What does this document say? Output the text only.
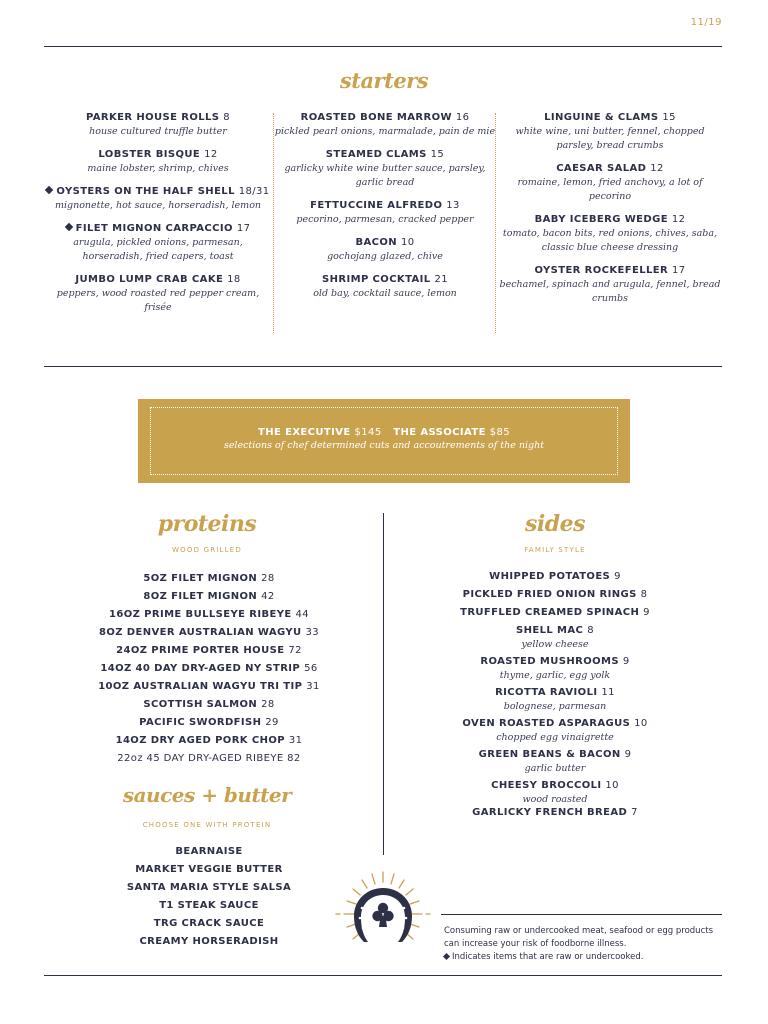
11/19
starters
PARKER HOUSE ROLLS 8
house cultured truffle butter
LOBSTER BISQUE 12
maine lobster, shrimp, chives
OYSTERS ON THE HALF SHELL 18/31
mignonette, hot sauce, horseradish, lemon
FILET MIGNON CARPACCIO 17
arugula, pickled onions, parmesan, horseradish, fried capers, toast
JUMBO LUMP CRAB CAKE 18
peppers, wood roasted red pepper cream, frisée
ROASTED BONE MARROW 16
pickled pearl onions, marmalade, pain de mie
STEAMED CLAMS 15
garlicky white wine butter sauce, parsley, garlic bread
FETTUCCINE ALFREDO 13
pecorino, parmesan, cracked pepper
BACON 10
gochojang glazed, chive
SHRIMP COCKTAIL 21
old bay, cocktail sauce, lemon
LINGUINE & CLAMS 15
white wine, uni butter, fennel, chopped parsley, bread crumbs
CAESAR SALAD 12
romaine, lemon, fried anchovy, a lot of pecorino
BABY ICEBERG WEDGE 12
tomato, bacon bits, red onions, chives, saba, classic blue cheese dressing
OYSTER ROCKEFELLER 17
bechamel, spinach and arugula, fennel, bread crumbs
THE EXECUTIVE $145 THE ASSOCIATE $85
selections of chef determined cuts and accoutrements of the night
proteins
WOOD GRILLED
5OZ FILET MIGNON 28
8OZ FILET MIGNON 42
16OZ PRIME BULLSEYE RIBEYE 44
8OZ DENVER AUSTRALIAN WAGYU 33
24OZ PRIME PORTER HOUSE 72
14OZ 40 DAY DRY-AGED NY STRIP 56
10OZ AUSTRALIAN WAGYU TRI TIP 31
SCOTTISH SALMON 28
PACIFIC SWORDFISH 29
14OZ DRY AGED PORK CHOP 31
22oz 45 DAY DRY-AGED RIBEYE 82
sauces + butter
CHOOSE ONE WITH PROTEIN
BEARNAISE
MARKET VEGGIE BUTTER
SANTA MARIA STYLE SALSA
T1 STEAK SAUCE
TRG CRACK SAUCE
CREAMY HORSERADISH
sides
FAMILY STYLE
WHIPPED POTATOES 9
PICKLED FRIED ONION RINGS 8
TRUFFLED CREAMED SPINACH 9
SHELL MAC 8
yellow cheese
ROASTED MUSHROOMS 9
thyme, garlic, egg yolk
RICOTTA RAVIOLI 11
bolognese, parmesan
OVEN ROASTED ASPARAGUS 10
chopped egg vinaigrette
GREEN BEANS & BACON 9
garlic butter
CHEESY BROCCOLI 10
wood roasted
GARLICKY FRENCH BREAD 7
Consuming raw or undercooked meat, seafood or egg products can increase your risk of foodborne illness.
Indicates items that are raw or undercooked.
